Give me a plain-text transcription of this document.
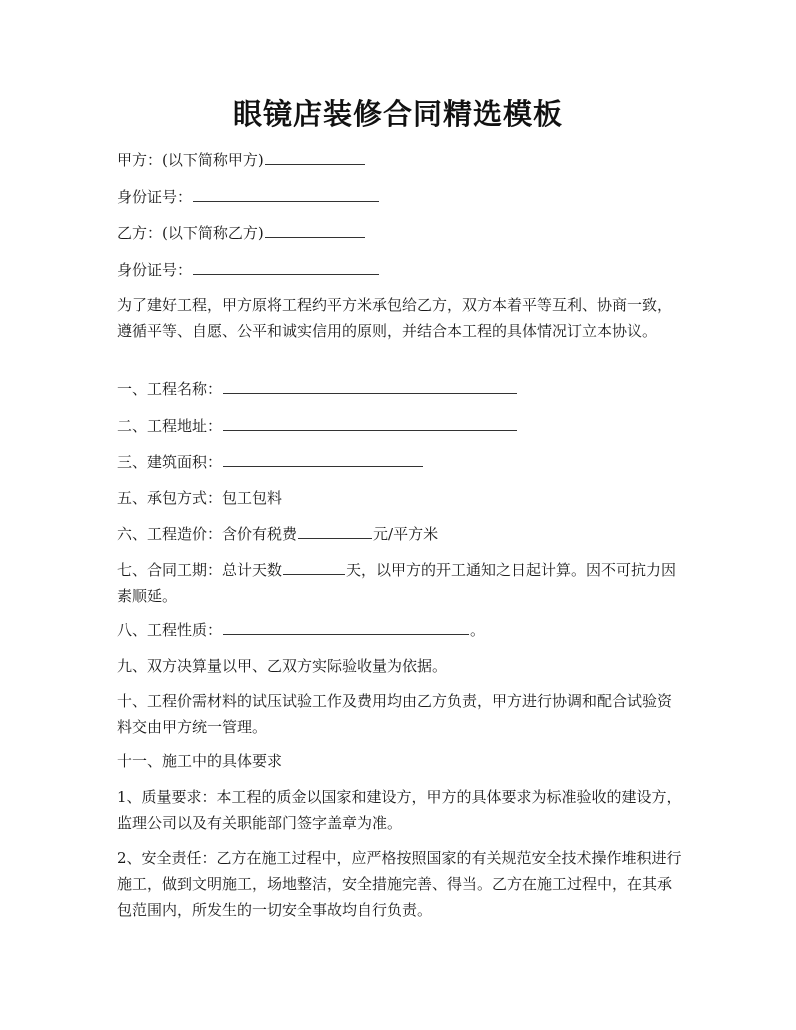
眼镜店装修合同精选模板
甲方：(以下简称甲方)
身份证号：
乙方：(以下简称乙方)
身份证号：
为了建好工程，甲方原将工程约平方米承包给乙方，双方本着平等互利、协商一致，遵循平等、自愿、公平和诚实信用的原则，并结合本工程的具体情况订立本协议。
一、工程名称：
二、工程地址：
三、建筑面积：
五、承包方式：包工包料
六、工程造价：含价有税费	元/平方米
七、合同工期：总计天数	天，以甲方的开工通知之日起计算。因不可抗力因素顺延。
八、工程性质：	。
九、双方决算量以甲、乙双方实际验收量为依据。
十、工程价需材料的试压试验工作及费用均由乙方负责，甲方进行协调和配合试验资料交由甲方统一管理。
十一、施工中的具体要求
1、质量要求：本工程的质金以国家和建设方，甲方的具体要求为标准验收的建设方，监理公司以及有关职能部门签字盖章为准。
2、安全责任：乙方在施工过程中，应严格按照国家的有关规范安全技术操作堆积进行施工，做到文明施工，场地整洁，安全措施完善、得当。乙方在施工过程中，在其承包范围内，所发生的一切安全事故均自行负责。
